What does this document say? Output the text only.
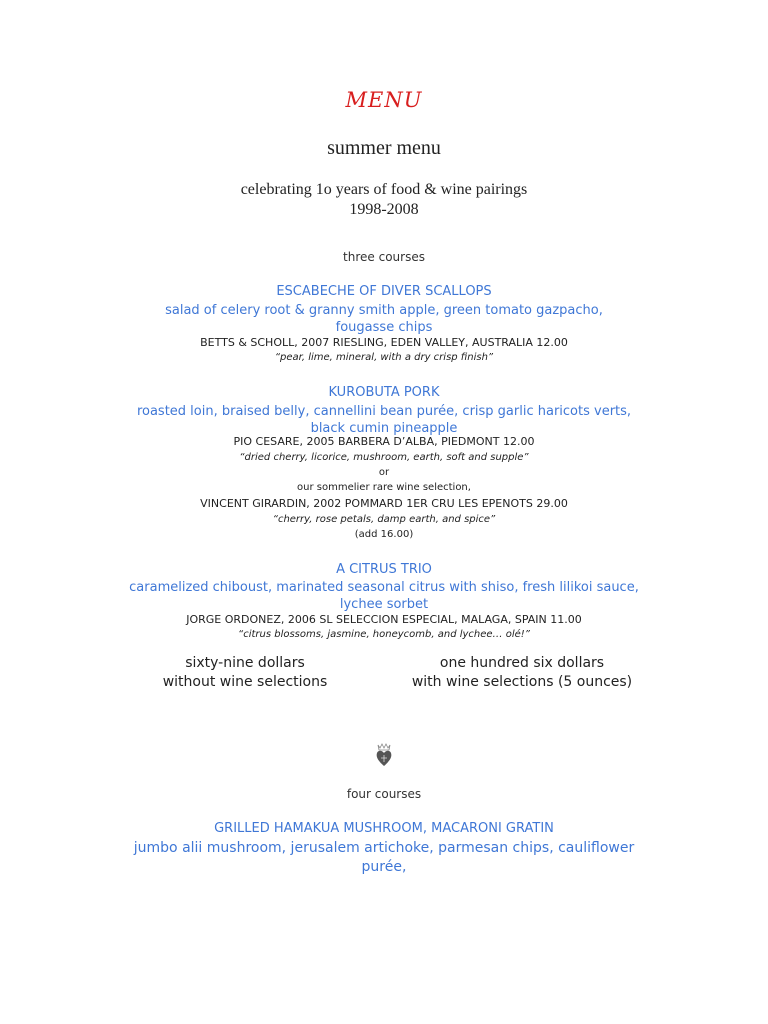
MENU
summer menu
celebrating 1o years of food & wine pairings
1998-2008
three courses
ESCABECHE OF DIVER SCALLOPS
salad of celery root & granny smith apple, green tomato gazpacho,
fougasse chips
BETTS & SCHOLL, 2007 RIESLING, EDEN VALLEY, AUSTRALIA 12.00
“pear, lime, mineral, with a dry crisp finish”
KUROBUTA PORK
roasted loin, braised belly, cannellini bean purée, crisp garlic haricots verts,
black cumin pineapple
PIO CESARE, 2005 BARBERA D’ALBA, PIEDMONT 12.00
“dried cherry, licorice, mushroom, earth, soft and supple”
or
our sommelier rare wine selection,
VINCENT GIRARDIN, 2002 POMMARD 1ER CRU LES EPENOTS 29.00
“cherry, rose petals, damp earth, and spice”
(add 16.00)
A CITRUS TRIO
caramelized chiboust, marinated seasonal citrus with shiso, fresh lilikoi sauce,
lychee sorbet
JORGE ORDONEZ, 2006 SL SELECCION ESPECIAL, MALAGA, SPAIN 11.00
“citrus blossoms, jasmine, honeycomb, and lychee… olé!”
sixty-nine dollars
without wine selections
one hundred six dollars
with wine selections (5 ounces)
four courses
GRILLED HAMAKUA MUSHROOM, MACARONI GRATIN
jumbo alii mushroom, jerusalem artichoke, parmesan chips, cauliflower
purée,
